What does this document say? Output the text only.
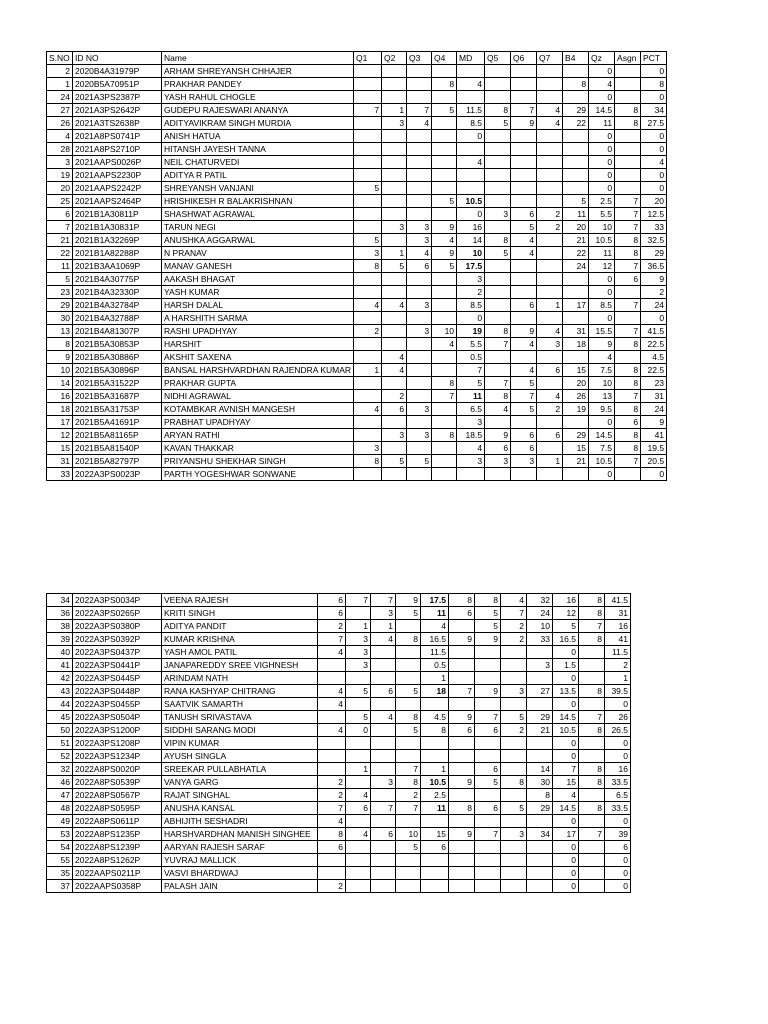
S.NO	ID NO	Name	Q1	Q2	Q3	Q4	MD	Q5	Q6	Q7	B4	Qz	Asgn	PCT
2	2020B4A31979P	ARHAM SHREYANSH CHHAJER										0		0
1	2020B5A70951P	PRAKHAR PANDEY				8	4				8	4		8
24	2021A3PS2387P	YASH RAHUL CHOGLE										0		0
27	2021A3PS2642P	GUDEPU RAJESWARI ANANYA	7	1	7	5	11.5	8	7	4	29	14.5	8	34
26	2021A3TS2638P	ADITYAVIKRAM SINGH MURDIA		3	4		8.5	5	9	4	22	11	8	27.5
4	2021A8PS0741P	ANISH HATUA					0					0		0
28	2021A8PS2710P	HITANSH JAYESH TANNA										0		0
3	2021AAPS0026P	NEIL CHATURVEDI					4					0		4
19	2021AAPS2230P	ADITYA R PATIL										0		0
20	2021AAPS2242P	SHREYANSH VANJANI	5									0		0
25	2021AAPS2464P	HRISHIKESH R BALAKRISHNAN				5	10.5				5	2.5	7	20
6	2021B1A30811P	SHASHWAT AGRAWAL					0	3	6	2	11	5.5	7	12.5
7	2021B1A30831P	TARUN NEGI		3	3	9	16		5	2	20	10	7	33
21	2021B1A32269P	ANUSHKA AGGARWAL	5		3	4	14	8	4		21	10.5	8	32.5
22	2021B1A82288P	N PRANAV	3	1	4	9	10	5	4		22	11	8	29
11	2021B3AA1069P	MANAV GANESH	8	5	6	5	17.5				24	12	7	36.5
5	2021B4A30775P	AAKASH BHAGAT					3					0	6	9
23	2021B4A32330P	YASH KUMAR					2					0		2
29	2021B4A32784P	HARSH DALAL	4	4	3		8.5		6	1	17	8.5	7	24
30	2021B4A32788P	A HARSHITH SARMA					0					0		0
13	2021B4A81307P	RASHI UPADHYAY	2		3	10	19	8	9	4	31	15.5	7	41.5
8	2021B5A30853P	HARSHIT				4	5.5	7	4	3	18	9	8	22.5
9	2021B5A30886P	AKSHIT SAXENA		4			0.5					4		4.5
10	2021B5A30896P	BANSAL HARSHVARDHAN RAJENDRA KUMAR	1	4			7		4	6	15	7.5	8	22.5
14	2021B5A31522P	PRAKHAR GUPTA				8	5	7	5		20	10	8	23
16	2021B5A31687P	NIDHI AGRAWAL		2		7	11	8	7	4	26	13	7	31
18	2021B5A31753P	KOTAMBKAR AVNISH MANGESH	4	6	3		6.5	4	5	2	19	9.5	8	24
17	2021B5A41691P	PRABHAT UPADHYAY					3					0	6	9
12	2021B5A81165P	ARYAN RATHI		3	3	8	18.5	9	6	6	29	14.5	8	41
15	2021B5A81540P	KAVAN THAKKAR	3				4	6	6		15	7.5	8	19.5
31	2021B5A82797P	PRIYANSHU SHEKHAR SINGH	8	5	5		3	3	3	1	21	10.5	7	20.5
33	2022A3PS0023P	PARTH YOGESHWAR SONWANE										0		0
34	2022A3PS0034P	VEENA RAJESH	6	7	7	9	17.5	8	8	4	32	16	8	41.5
36	2022A3PS0265P	KRITI SINGH	6		3	5	11	6	5	7	24	12	8	31
38	2022A3PS0380P	ADITYA PANDIT	2	1	1		4		5	2	10	5	7	16
39	2022A3PS0392P	KUMAR KRISHNA	7	3	4	8	16.5	9	9	2	33	16.5	8	41
40	2022A3PS0437P	YASH AMOL PATIL	4	3			11.5					0		11.5
41	2022A3PS0441P	JANAPAREDDY SREE VIGHNESH		3			0.5				3	1.5		2
42	2022A3PS0445P	ARINDAM NATH					1					0		1
43	2022A3PS0448P	RANA KASHYAP CHITRANG	4	5	6	5	18	7	9	3	27	13.5	8	39.5
44	2022A3PS0455P	SAATVIK SAMARTH	4									0		0
45	2022A3PS0504P	TANUSH SRIVASTAVA		5	4	8	4.5	9	7	5	29	14.5	7	26
50	2022A3PS1200P	SIDDHI SARANG MODI	4	0		5	8	6	6	2	21	10.5	8	26.5
51	2022A3PS1208P	VIPIN KUMAR										0		0
52	2022A3PS1234P	AYUSH SINGLA										0		0
32	2022A8PS0020P	SREEKAR PULLABHATLA		1		7	1		6		14	7	8	16
46	2022A8PS0539P	VANYA GARG	2		3	8	10.5	9	5	8	30	15	8	33.5
47	2022A8PS0567P	RAJAT SINGHAL	2	4		2	2.5				8	4		6.5
48	2022A8PS0595P	ANUSHA KANSAL	7	6	7	7	11	8	6	5	29	14.5	8	33.5
49	2022A8PS0611P	ABHIJITH SESHADRI	4									0		0
53	2022A8PS1235P	HARSHVARDHAN MANISH SINGHEE	8	4	6	10	15	9	7	3	34	17	7	39
54	2022A8PS1239P	AARYAN RAJESH SARAF	6			5	6					0		6
55	2022A8PS1262P	YUVRAJ MALLICK										0		0
35	2022AAPS0211P	VASVI BHARDWAJ										0		0
37	2022AAPS0358P	PALASH JAIN	2									0		0
